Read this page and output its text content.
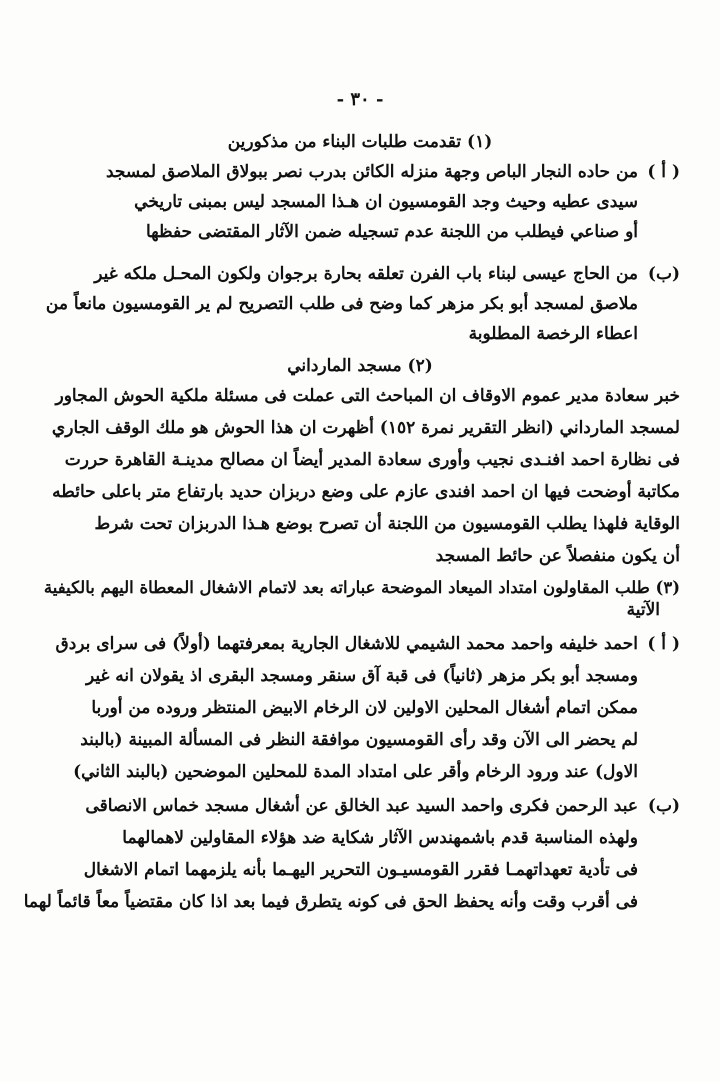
- ٣٠ -
(١) تقدمت طلبات البناء من مذكورين
( أ )
من حاده النجار الباص وجهة منزله الكائن بدرب نصر ببولاق الملاصق لمسجد
سيدى عطيه وحيث وجد القومسيون ان هـذا المسجد ليس بمبنى تاريخي
أو صناعي فيطلب من اللجنة عدم تسجيله ضمن الآثار المقتضى حفظها
(ب)
من الحاج عيسى لبناء باب الفرن تعلقه بحارة برجوان ولكون المحـل ملكه غير
ملاصق لمسجد أبو بكر مزهر كما وضح فى طلب التصريح لم ير القومسيون مانعاً من
اعطاء الرخصة المطلوبة
(٢) مسجد المارداني
خبر سعادة مدير عموم الاوقاف ان المباحث التى عملت فى مسئلة ملكية الحوش المجاور
لمسجد المارداني (انظر التقرير نمرة ١٥٢) أظهرت ان هذا الحوش هو ملك الوقف الجاري
فى نظارة احمد افنـدى نجيب وأورى سعادة المدير أيضاً ان مصالح مدينـة القاهرة حررت
مكاتبة أوضحت فيها ان احمد افندى عازم على وضع دربزان حديد بارتفاع متر باعلى حائطه
الوقاية فلهذا يطلب القومسيون من اللجنة أن تصرح بوضع هـذا الدربزان تحت شرط
أن يكون منفصلاً عن حائط المسجد
(٣) طلب المقاولون امتداد الميعاد الموضحة عباراته بعد لاتمام الاشغال المعطاة اليهم بالكيفية
الآتية
( أ )
احمد خليفه واحمد محمد الشيمي للاشغال الجارية بمعرفتهما (أولاً) فى سراى بردق
ومسجد أبو بكر مزهر (ثانياً) فى قبة آق سنقر ومسجد البقرى اذ يقولان انه غير
ممكن اتمام أشغال المحلين الاولين لان الرخام الابيض المنتظر وروده من أوربا
لم يحضر الى الآن وقد رأى القومسيون موافقة النظر فى المسألة المبينة (بالبند
الاول) عند ورود الرخام وأقر على امتداد المدة للمحلين الموضحين (بالبند الثاني)
(ب)
عبد الرحمن فكرى واحمد السيد عبد الخالق عن أشغال مسجد خماس الانصاقى
ولهذه المناسبة قدم باشمهندس الآثار شكاية ضد هؤلاء المقاولين لاهمالهما
فى تأدية تعهداتهمـا فقرر القومسيـون التحرير اليهـما بأنه يلزمهما اتمام الاشغال
فى أقرب وقت وأنه يحفظ الحق فى كونه يتطرق فيما بعد اذا كان مقتضياً معاً قائماً لهما
